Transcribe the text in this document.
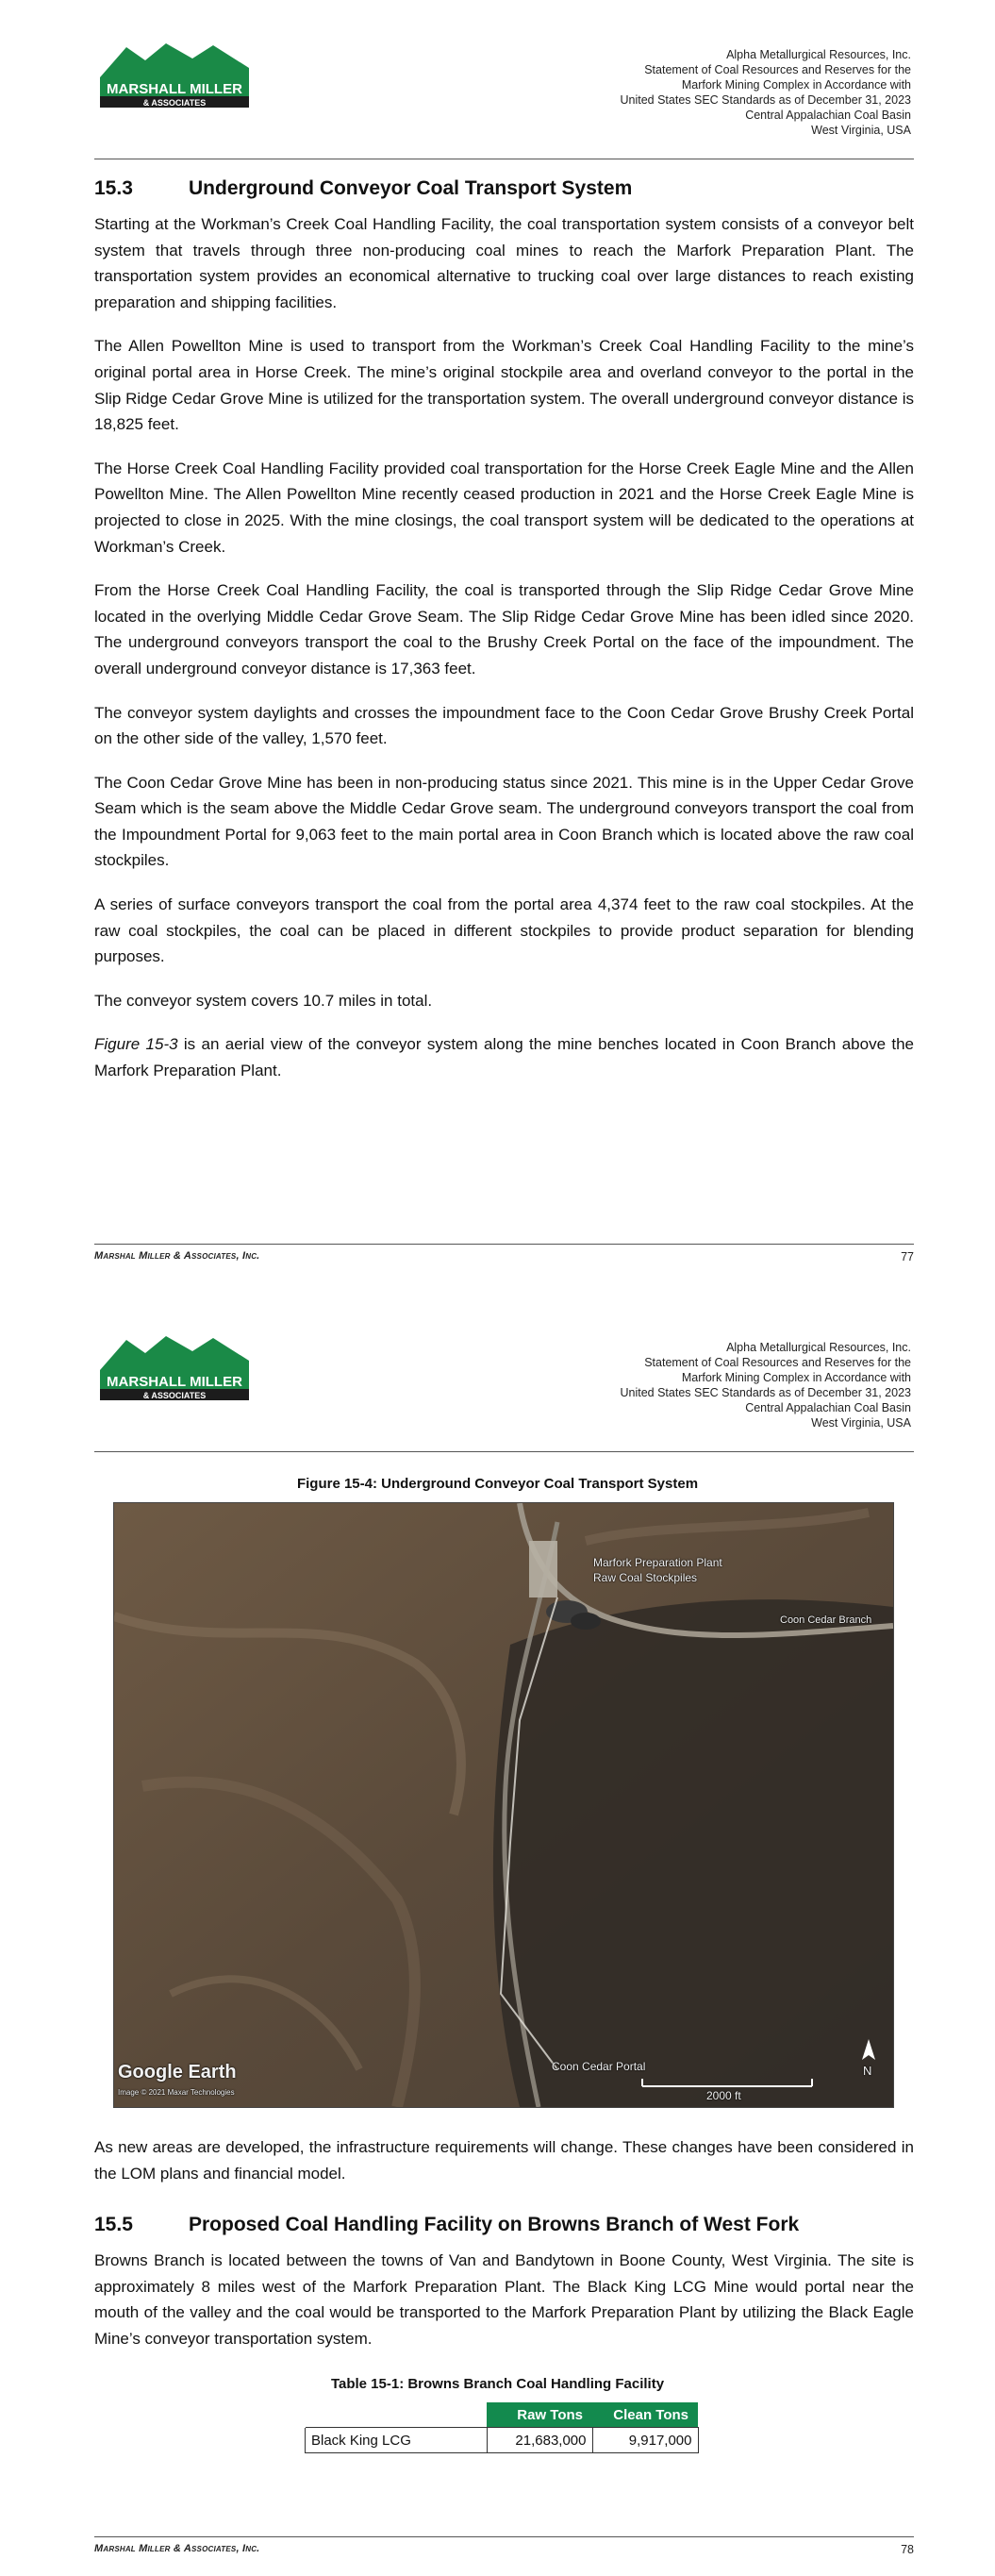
MARSHALL MILLER
& ASSOCIATES
Alpha Metallurgical Resources, Inc.
Statement of Coal Resources and Reserves for the
Marfork Mining Complex in Accordance with
United States SEC Standards as of December 31, 2023
Central Appalachian Coal Basin
West Virginia, USA
15.3	Underground Conveyor Coal Transport System

Starting at the Workman’s Creek Coal Handling Facility, the coal transportation system consists of a conveyor belt system that travels through three non-producing coal mines to reach the Marfork Preparation Plant. The transportation system provides an economical alternative to trucking coal over large distances to reach existing preparation and shipping facilities.

The Allen Powellton Mine is used to transport from the Workman’s Creek Coal Handling Facility to the mine’s original portal area in Horse Creek. The mine’s original stockpile area and overland conveyor to the portal in the Slip Ridge Cedar Grove Mine is utilized for the transportation system. The overall underground conveyor distance is 18,825 feet.

The Horse Creek Coal Handling Facility provided coal transportation for the Horse Creek Eagle Mine and the Allen Powellton Mine. The Allen Powellton Mine recently ceased production in 2021 and the Horse Creek Eagle Mine is projected to close in 2025. With the mine closings, the coal transport system will be dedicated to the operations at Workman’s Creek.

From the Horse Creek Coal Handling Facility, the coal is transported through the Slip Ridge Cedar Grove Mine located in the overlying Middle Cedar Grove Seam. The Slip Ridge Cedar Grove Mine has been idled since 2020. The underground conveyors transport the coal to the Brushy Creek Portal on the face of the impoundment. The overall underground conveyor distance is 17,363 feet.

The conveyor system daylights and crosses the impoundment face to the Coon Cedar Grove Brushy Creek Portal on the other side of the valley, 1,570 feet.

The Coon Cedar Grove Mine has been in non-producing status since 2021. This mine is in the Upper Cedar Grove Seam which is the seam above the Middle Cedar Grove seam. The underground conveyors transport the coal from the Impoundment Portal for 9,063 feet to the main portal area in Coon Branch which is located above the raw coal stockpiles.

A series of surface conveyors transport the coal from the portal area 4,374 feet to the raw coal stockpiles. At the raw coal stockpiles, the coal can be placed in different stockpiles to provide product separation for blending purposes.

The conveyor system covers 10.7 miles in total.

Figure 15-3 is an aerial view of the conveyor system along the mine benches located in Coon Branch above the Marfork Preparation Plant.

Marshal Miller & Associates, Inc.	77
MARSHALL MILLER
& ASSOCIATES
Alpha Metallurgical Resources, Inc.
Statement of Coal Resources and Reserves for the
Marfork Mining Complex in Accordance with
United States SEC Standards as of December 31, 2023
Central Appalachian Coal Basin
West Virginia, USA
Figure 15-4: Underground Conveyor Coal Transport System
Marfork Preparation Plant
Raw Coal Stockpiles
Coon Cedar Branch
Coon Cedar Portal
Google Earth
Image © 2021 Maxar Technologies	2000 ft
N

As new areas are developed, the infrastructure requirements will change. These changes have been considered in the LOM plans and financial model.

15.5	Proposed Coal Handling Facility on Browns Branch of West Fork

Browns Branch is located between the towns of Van and Bandytown in Boone County, West Virginia. The site is approximately 8 miles west of the Marfork Preparation Plant. The Black King LCG Mine would portal near the mouth of the valley and the coal would be transported to the Marfork Preparation Plant by utilizing the Black Eagle Mine’s conveyor transportation system.

Table 15-1: Browns Branch Coal Handling Facility
	Raw Tons	Clean Tons
Black King LCG	21,683,000	9,917,000
Marshal Miller & Associates, Inc.	78
